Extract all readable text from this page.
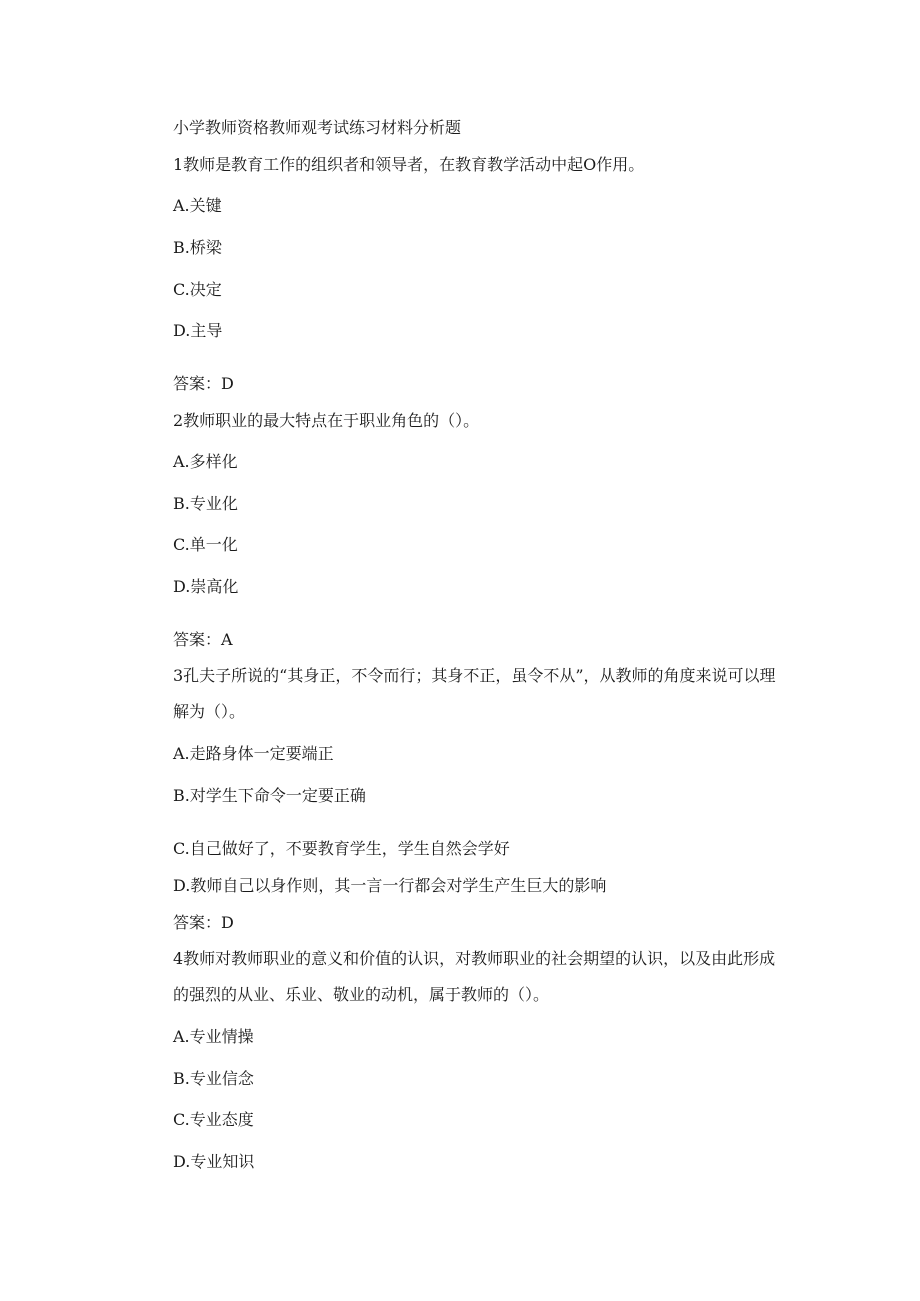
小学教师资格教师观考试练习材料分析题
1教师是教育工作的组织者和领导者，在教育教学活动中起O作用。
A.关键
B.桥梁
C.决定
D.主导
答案：D
2教师职业的最大特点在于职业角色的（）。
A.多样化
B.专业化
C.单一化
D.崇高化
答案：A
3孔夫子所说的“其身正，不令而行；其身不正，虽令不从”，从教师的角度来说可以理解为（）。
A.走路身体一定要端正
B.对学生下命令一定要正确
C.自己做好了，不要教育学生，学生自然会学好
D.教师自己以身作则，其一言一行都会对学生产生巨大的影响
答案：D
4教师对教师职业的意义和价值的认识，对教师职业的社会期望的认识，以及由此形成的强烈的从业、乐业、敬业的动机，属于教师的（）。
A.专业情操
B.专业信念
C.专业态度
D.专业知识
